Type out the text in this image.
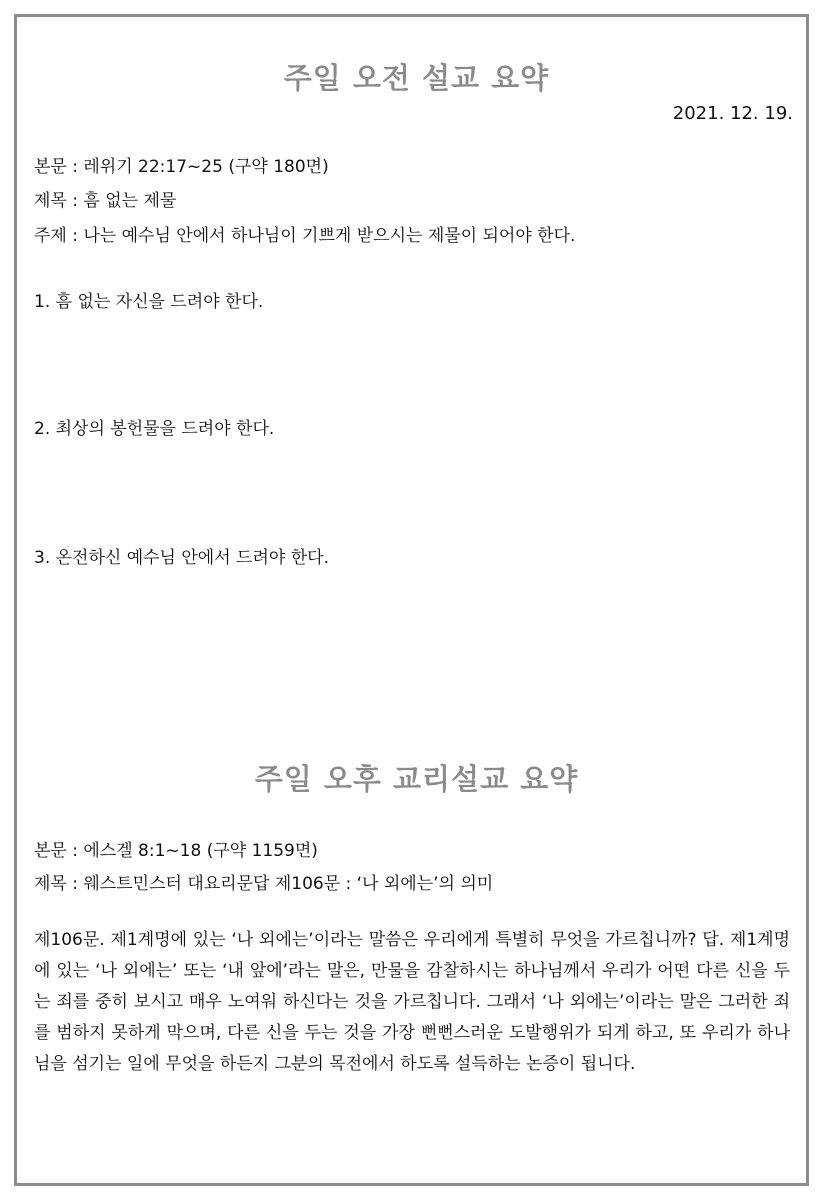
주일 오전 설교 요약
2021. 12. 19.
본문 : 레위기 22:17~25 (구약 180면)
제목 : 흠 없는 제물
주제 : 나는 예수님 안에서 하나님이 기쁘게 받으시는 제물이 되어야 한다.
1. 흠 없는 자신을 드려야 한다.
2. 최상의 봉헌물을 드려야 한다.
3. 온전하신 예수님 안에서 드려야 한다.
주일 오후 교리설교 요약
본문 : 에스겔 8:1~18 (구약 1159면)
제목 : 웨스트민스터 대요리문답 제106문 : ‘나 외에는’의 의미
제106문. 제1계명에 있는 ‘나 외에는’이라는 말씀은 우리에게 특별히 무엇을 가르칩니까? 답. 제1계명에 있는 ‘나 외에는’ 또는 ‘내 앞에’라는 말은, 만물을 감찰하시는 하나님께서 우리가 어떤 다른 신을 두는 죄를 중히 보시고 매우 노여워 하신다는 것을 가르칩니다. 그래서 ‘나 외에는’이라는 말은 그러한 죄를 범하지 못하게 막으며, 다른 신을 두는 것을 가장 뻔뻔스러운 도발행위가 되게 하고, 또 우리가 하나님을 섬기는 일에 무엇을 하든지 그분의 목전에서 하도록 설득하는 논증이 됩니다.
